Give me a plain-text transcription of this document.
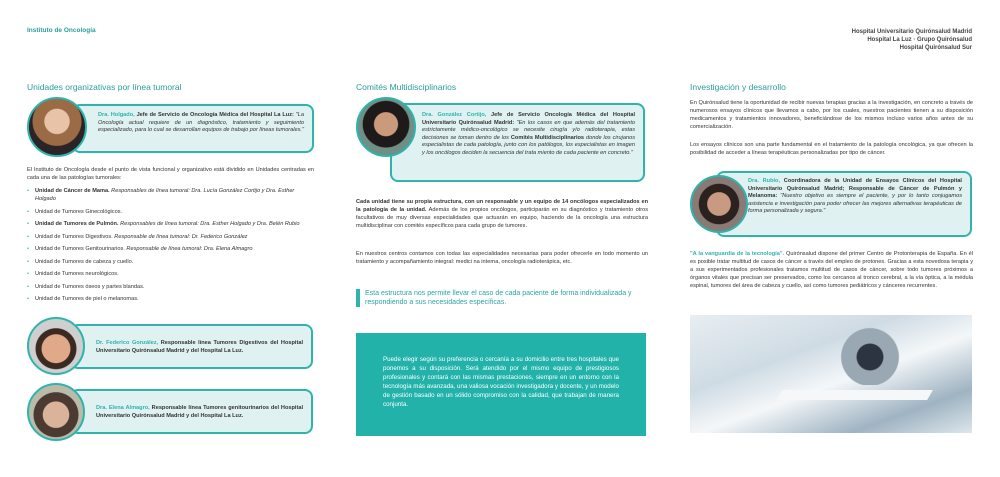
Instituto de Oncología	Hospital Universitario Quirónsalud Madrid
Hospital La Luz · Grupo Quirónsalud
Hospital Quirónsalud Sur
Unidades organizativas por línea tumoral
Dra. Holgado, Jefe de Servicio de Oncología Médica del Hospital La Luz: "La Oncología actual requiere de un diagnóstico, tratamiento y seguimiento especializado, para lo cual se desarrollan equipos de trabajo por líneas tumorales."
El Instituto de Oncología desde el punto de vista funcional y organizativo está dividido en Unidades centradas en cada una de las patologías tumorales:
• Unidad de Cáncer de Mama. Responsables de línea tumoral: Dra. Lucía González Cortijo y Dra. Esther Holgado
• Unidad de Tumores Ginecológicos.
• Unidad de Tumores de Pulmón. Responsables de línea tumoral: Dra. Esther Holgado y Dra. Belén Rubio
• Unidad de Tumores Digestivos. Responsable de línea tumoral: Dr. Federico González
• Unidad de Tumores Genitourinarios. Responsable de línea tumoral: Dra. Elena Almagro
• Unidad de Tumores de cabeza y cuello.
• Unidad de Tumores neurológicos.
• Unidad de Tumores óseos y partes blandas.
• Unidad de Tumores de piel o melanomas.
Dr. Federico González, Responsable línea Tumores Digestivos del Hospital Universitario Quirónsalud Madrid y del Hospital La Luz.
Dra. Elena Almagro, Responsable línea Tumores genitourinarios del Hospital Universitario Quirónsalud Madrid y del Hospital La Luz.
Comités Multidisciplinarios
Dra. González Cortijo, Jefe de Servicio Oncología Médica del Hospital Universitario Quirónsalud Madrid: "En los casos en que además del tratamiento estrictamente médico-oncológico se necesite cirugía y/o radioterapia, estas decisiones se toman dentro de los Comités Multidisciplinarios donde los cirujanos especialistas de cada patología, junto con los patólogos, los especialistas en imagen y los oncólogos deciden la secuencia del trata miento de cada paciente en concreto."
Cada unidad tiene su propia estructura, con un responsable y un equipo de 14 oncólogos especializados en la patología de la unidad. Además de los propios oncólogos, participarán en su diagnóstico y tratamiento otros facultativos de muy diversas especialidades que actuarán en equipo, haciendo de la oncología una estructura multidisciplinar con comités específicos para cada grupo de tumores.
En nuestros centros contamos con todas las especialidades necesarias para poder ofrecerle en todo momento un tratamiento y acompañamiento integral: medici na interna, oncología radioterápica, etc.
Esta estructura nos permite llevar el caso de cada paciente de forma individualizada y respondiendo a sus necesidades específicas.
Puede elegir según su preferencia o cercanía a su domicilio entre tres hospitales que ponemos a su disposición. Será atendido por el mismo equipo de prestigiosos profesionales y contará con las mismas prestaciones, siempre en un entorno con la tecnología más avanzada, una valiosa vocación investigadora y docente, y un modelo de gestión basado en un sólido compromiso con la calidad, que trabajan de manera conjunta.
Investigación y desarrollo
En Quirónsalud tiene la oportunidad de recibir nuevas terapias gracias a la investigación, en concreto a través de numerosos ensayos clínicos que llevamos a cabo, por los cuales, nuestros pacientes tienen a su disposición medicamentos y tratamientos innovadores, beneficiándose de los mismos incluso varios años antes de su comercialización.
Los ensayos clínicos son una parte fundamental en el tratamiento de la patología oncológica, ya que ofrecen la posibilidad de acceder a líneas terapéuticas personalizadas por tipo de cáncer.
Dra. Rubio, Coordinadora de la Unidad de Ensayos Clínicos del Hospital Universitario Quirónsalud Madrid; Responsable de Cáncer de Pulmón y Melanoma: "Nuestro objetivo es siempre el paciente, y por lo tanto conjugamos asistencia e investigación para poder ofrecer las mejores alternativas terapéuticas de forma personalizada y segura."
"A la vanguardia de la tecnología". Quirónsalud dispone del primer Centro de Protonterapia de España. En él es posible tratar multitud de casos de cáncer a través del empleo de protones. Gracias a esta novedosa terapia y a sus experimentados profesionales tratamos multitud de casos de cáncer, sobre todo tumores próximos a órganos vitales que precisan ser preservados, como los cercanos al tronco cerebral, a la vía óptica, a la médula espinal, tumores del área de cabeza y cuello, así como tumores pediátricos y cánceres recurrentes.
